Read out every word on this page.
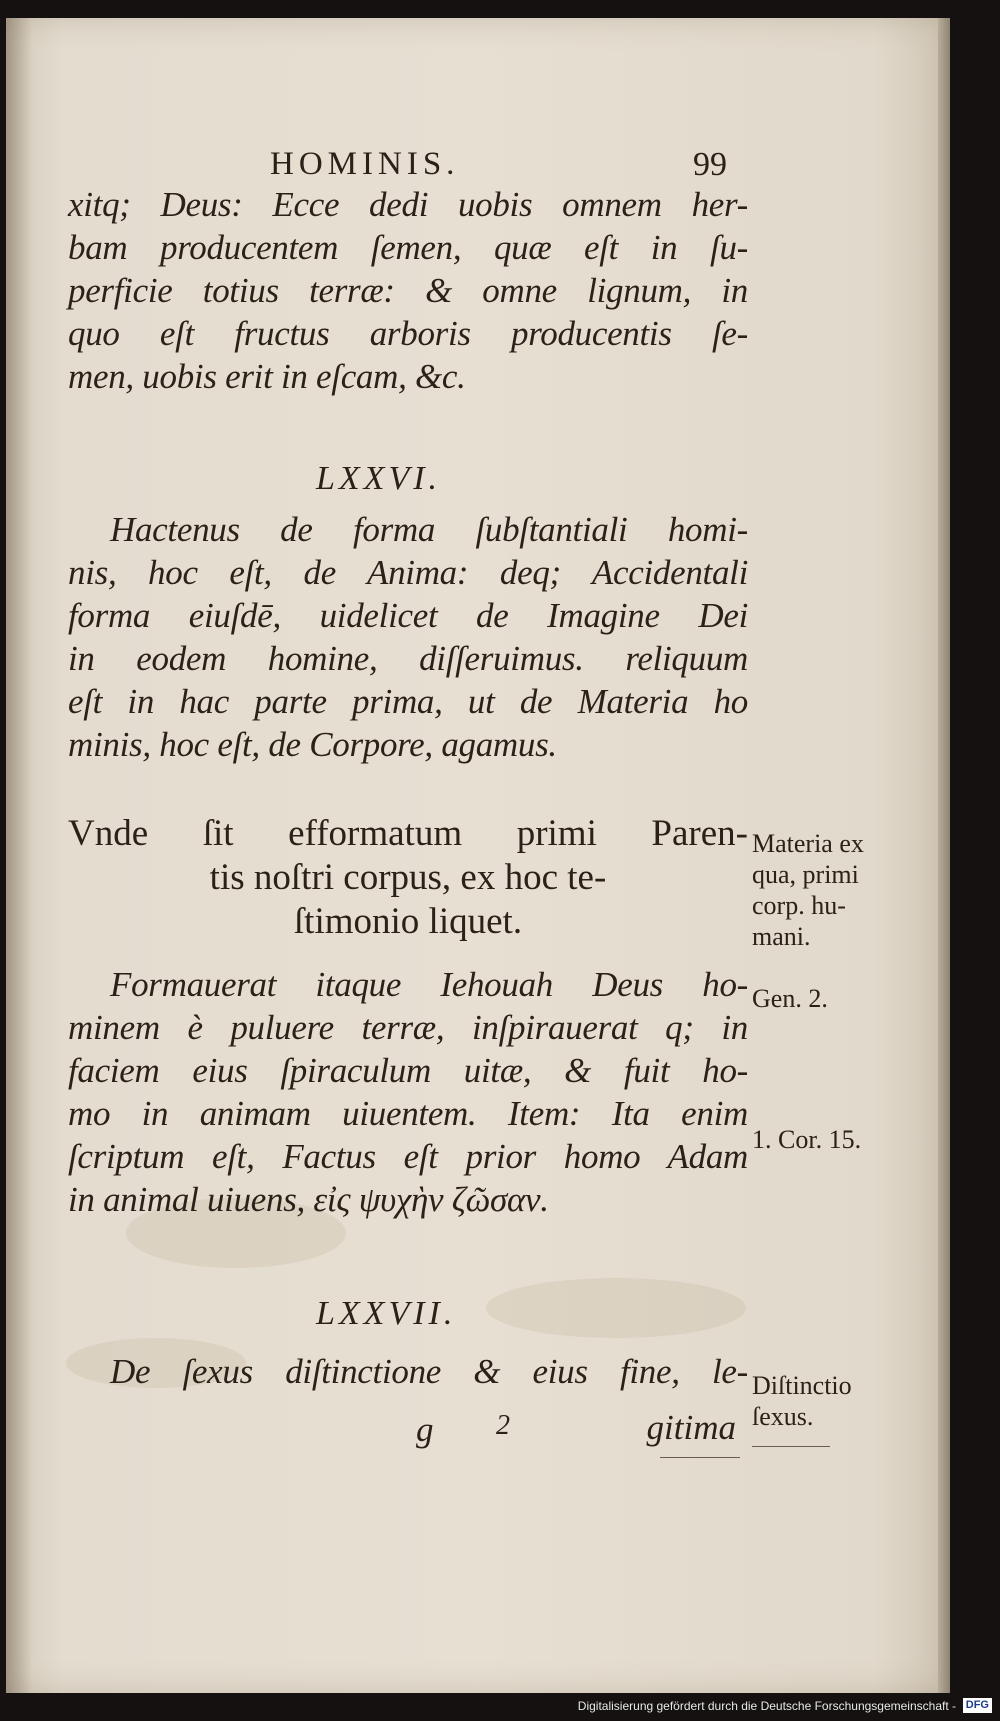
HOMINIS.	99
xitq; Deus: Ecce dedi uobis omnem her-
bam producentem ſemen, quæ eſt in ſu-
perficie totius terræ: & omne lignum, in
quo eſt fructus arboris producentis ſe-
men, uobis erit in eſcam, &c.
LXXVI.
Hactenus de forma ſubſtantiali homi-
nis, hoc eſt, de Anima: deq; Accidentali
forma eiuſdē, uidelicet de Imagine Dei
in eodem homine, diſſeruimus. reliquum
eſt in hac parte prima, ut de Materia ho
minis, hoc eſt, de Corpore, agamus.
Vnde ſit efformatum primi Paren-
tis noſtri corpus, ex hoc te-
ſtimonio liquet.
Formauerat itaque Iehouah Deus ho-
minem è puluere terræ, inſpirauerat q; in
faciem eius ſpiraculum uitæ, & fuit ho-
mo in animam uiuentem. Item: Ita enim
ſcriptum eſt, Factus eſt prior homo Adam
in animal uiuens, εἰς ψυχὴν ζῶσαν.
LXXVII.
De ſexus diſtinctione & eius fine, le-
g 2	gitima
Materia ex
qua, primi
corp. hu-
mani.
Gen. 2.
1. Cor. 15.
Diſtinctio
ſexus.
Digitalisierung gefördert durch die Deutsche Forschungsgemeinschaft - DFG
